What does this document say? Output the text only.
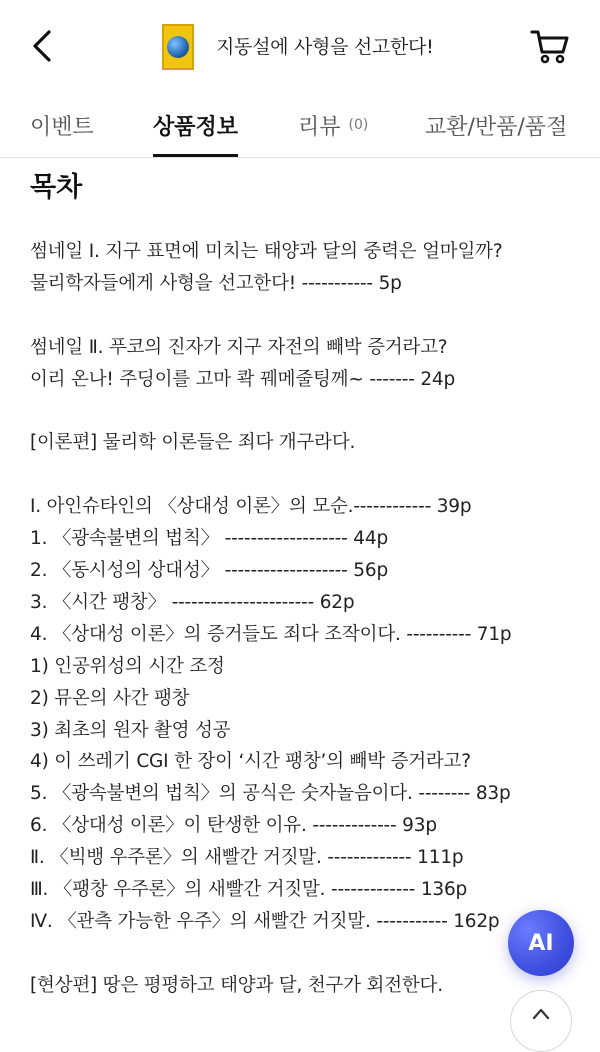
지동설에 사형을 선고한다!
이벤트	상품정보	리뷰 (0)	교환/반품/품절
목차
썸네일 Ⅰ. 지구 표면에 미치는 태양과 달의 중력은 얼마일까?
물리학자들에게 사형을 선고한다! ----------- 5p
썸네일 Ⅱ. 푸코의 진자가 지구 자전의 빼박 증거라고?
이리 온나! 주딩이를 고마 콱 꿰메줄팅께~ ------- 24p
[이론편] 물리학 이론들은 죄다 개구라다.
Ⅰ. 아인슈타인의 〈상대성 이론〉의 모순.------------ 39p
1. 〈광속불변의 법칙〉 ------------------- 44p
2. 〈동시성의 상대성〉 ------------------- 56p
3. 〈시간 팽창〉 ---------------------- 62p
4. 〈상대성 이론〉의 증거들도 죄다 조작이다. ---------- 71p
1) 인공위성의 시간 조정
2) 뮤온의 사간 팽창
3) 최초의 원자 촬영 성공
4) 이 쓰레기 CGI 한 장이 ‘시간 팽창’의 빼박 증거라고?
5. 〈광속불변의 법칙〉의 공식은 숫자놀음이다. -------- 83p
6. 〈상대성 이론〉이 탄생한 이유. ------------- 93p
Ⅱ. 〈빅뱅 우주론〉의 새빨간 거짓말. ------------- 111p
Ⅲ. 〈팽창 우주론〉의 새빨간 거짓말. ------------- 136p
Ⅳ. 〈관측 가능한 우주〉의 새빨간 거짓말. ----------- 162p
[현상편] 땅은 평평하고 태양과 달, 천구가 회전한다.
AI
